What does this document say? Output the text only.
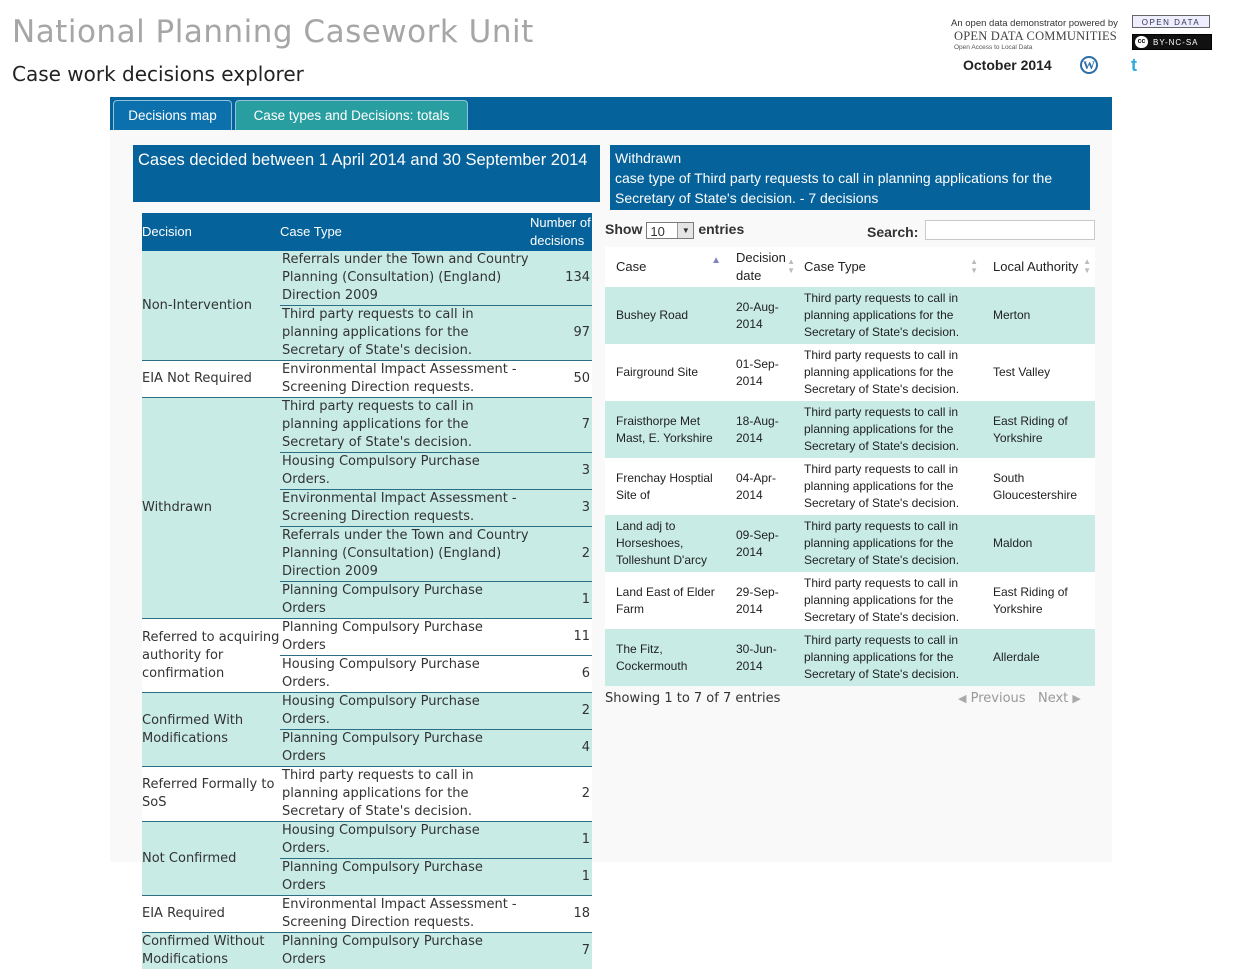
National Planning Casework Unit
Case work decisions explorer
An open data demonstrator powered by
OPEN DATA COMMUNITIES
Open Access to Local Data
OPEN DATA
cc BY-NC-SA
October 2014	W t
Decisions map	Case types and Decisions: totals
Cases decided between 1 April 2014 and 30 September 2014
Decision	Case Type	Number of decisions
Non-Intervention	Referrals under the Town and Country Planning (Consultation) (England) Direction 2009	134
	Third party requests to call in planning applications for the Secretary of State's decision.	97
EIA Not Required	Environmental Impact Assessment - Screening Direction requests.	50
Withdrawn	Third party requests to call in planning applications for the Secretary of State's decision.	7
	Housing Compulsory Purchase Orders.	3
	Environmental Impact Assessment - Screening Direction requests.	3
	Referrals under the Town and Country Planning (Consultation) (England) Direction 2009	2
	Planning Compulsory Purchase Orders	1
Referred to acquiring authority for confirmation	Planning Compulsory Purchase Orders	11
	Housing Compulsory Purchase Orders.	6
Confirmed With Modifications	Housing Compulsory Purchase Orders.	2
	Planning Compulsory Purchase Orders	4
Referred Formally to SoS	Third party requests to call in planning applications for the Secretary of State's decision.	2
Not Confirmed	Housing Compulsory Purchase Orders.	1
	Planning Compulsory Purchase Orders	1
EIA Required	Environmental Impact Assessment - Screening Direction requests.	18
Confirmed Without Modifications	Planning Compulsory Purchase Orders	7
Withdrawn
case type of Third party requests to call in planning applications for the Secretary of State's decision. - 7 decisions
Show 10	▼ entries	Search:
Case ▲	Decision date
▲
▼	Case Type ▲
▼	Local Authority ▲
▼

Bushey Road	20-Aug-2014	Third party requests to call in planning applications for the Secretary of State's decision.	Merton
Fairground Site	01-Sep-2014	Third party requests to call in planning applications for the Secretary of State's decision.	Test Valley
Fraisthorpe Met Mast, E. Yorkshire	18-Aug-2014	Third party requests to call in planning applications for the Secretary of State's decision.	East Riding of Yorkshire
Frenchay Hosptial Site of	04-Apr-2014	Third party requests to call in planning applications for the Secretary of State's decision.	South Gloucestershire
Land adj to Horseshoes, Tolleshunt D'arcy	09-Sep-2014	Third party requests to call in planning applications for the Secretary of State's decision.	Maldon
Land East of Elder Farm	29-Sep-2014	Third party requests to call in planning applications for the Secretary of State's decision.	East Riding of Yorkshire
The Fitz, Cockermouth	30-Jun-2014	Third party requests to call in planning applications for the Secretary of State's decision.	Allerdale
Showing 1 to 7 of 7 entries	◀ Previous Next ▶
